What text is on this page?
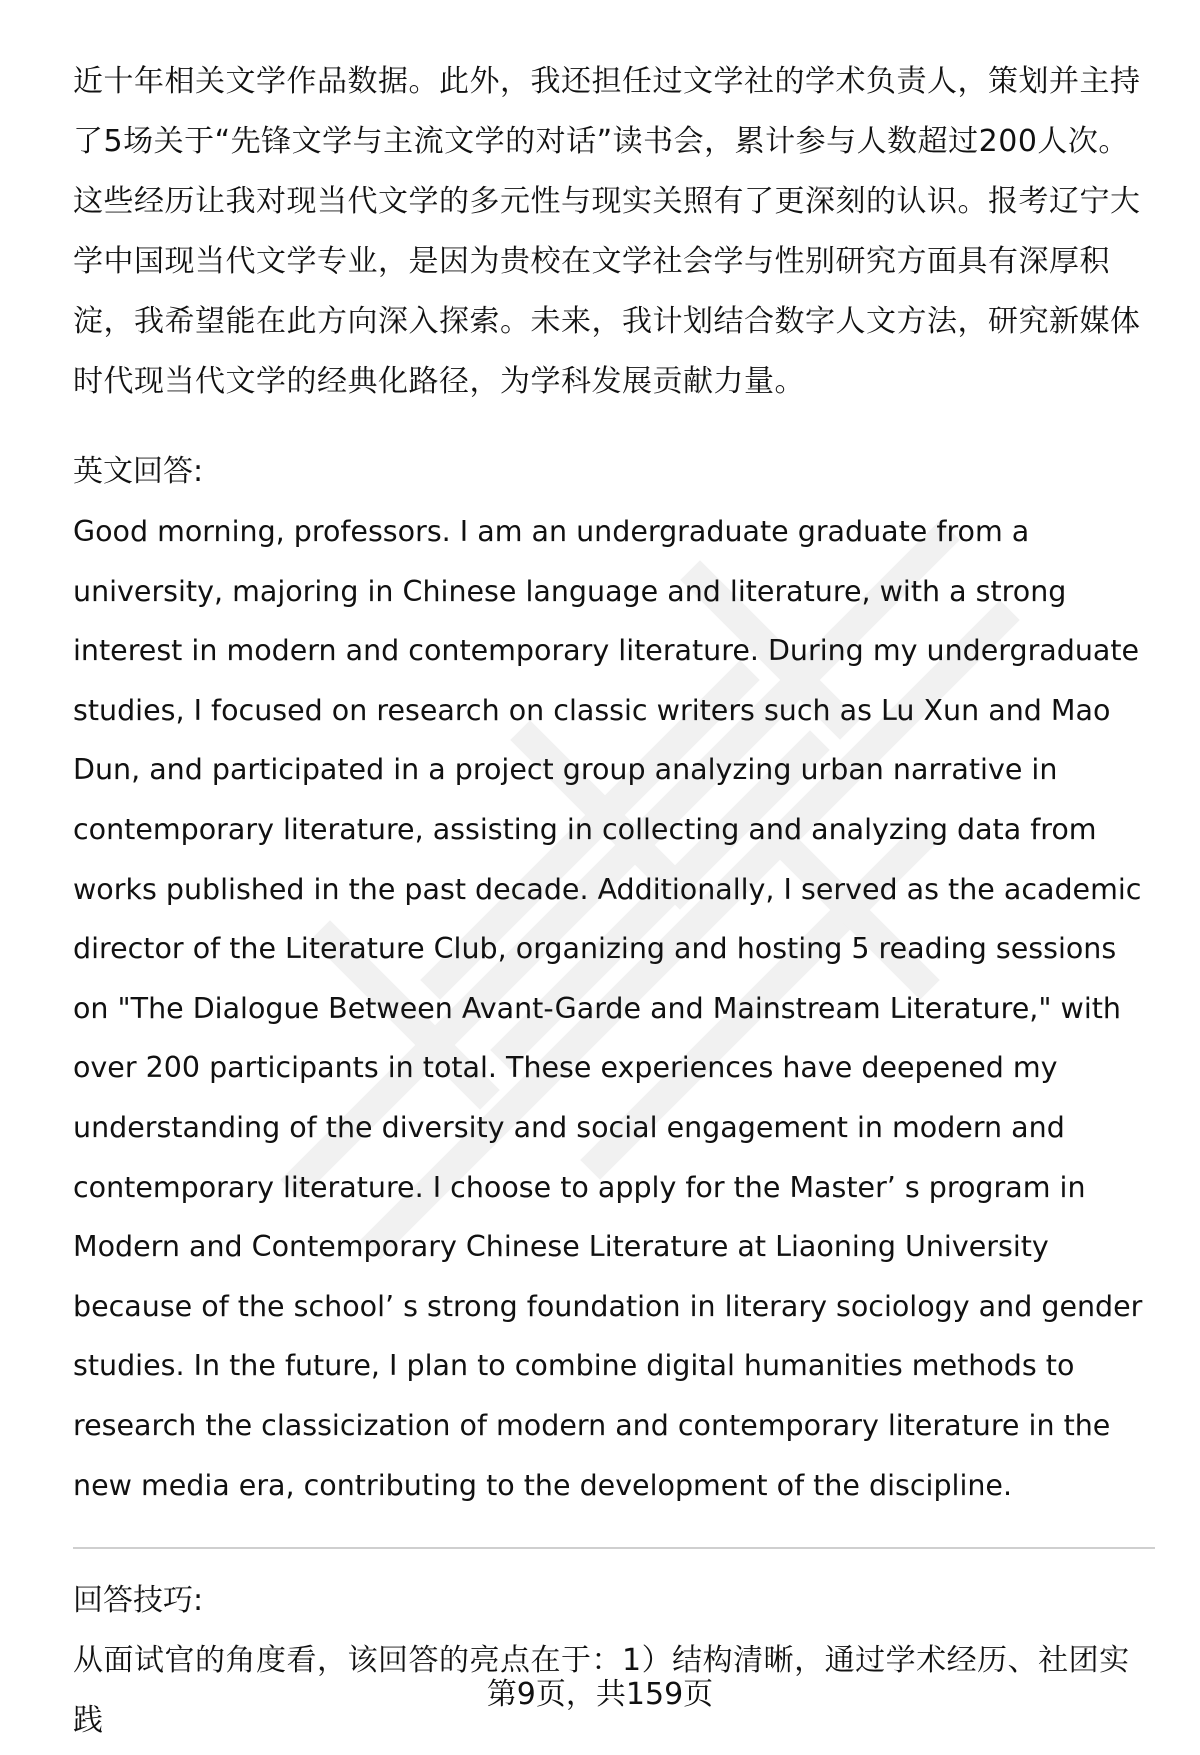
近十年相关文学作品数据。此外，我还担任过文学社的学术负责人，策划并主持了5场关于“先锋文学与主流文学的对话”读书会，累计参与人数超过200人次。这些经历让我对现当代文学的多元性与现实关照有了更深刻的认识。报考辽宁大学中国现当代文学专业，是因为贵校在文学社会学与性别研究方面具有深厚积淀，我希望能在此方向深入探索。未来，我计划结合数字人文方法，研究新媒体时代现当代文学的经典化路径，为学科发展贡献力量。

英文回答:

Good morning, professors. I am an undergraduate graduate from a university, majoring in Chinese language and literature, with a strong interest in modern and contemporary literature. During my undergraduate studies, I focused on research on classic writers such as Lu Xun and Mao Dun, and participated in a project group analyzing urban narrative in contemporary literature, assisting in collecting and analyzing data from works published in the past decade. Additionally, I served as the academic director of the Literature Club, organizing and hosting 5 reading sessions on "The Dialogue Between Avant-Garde and Mainstream Literature," with over 200 participants in total. These experiences have deepened my understanding of the diversity and social engagement in modern and contemporary literature. I choose to apply for the Master’ s program in Modern and Contemporary Chinese Literature at Liaoning University because of the school’ s strong foundation in literary sociology and gender studies. In the future, I plan to combine digital humanities methods to research the classicization of modern and contemporary literature in the new media era, contributing to the development of the discipline.

回答技巧:

从面试官的角度看，该回答的亮点在于：1）结构清晰，通过学术经历、社团实践

第9页，共159页
